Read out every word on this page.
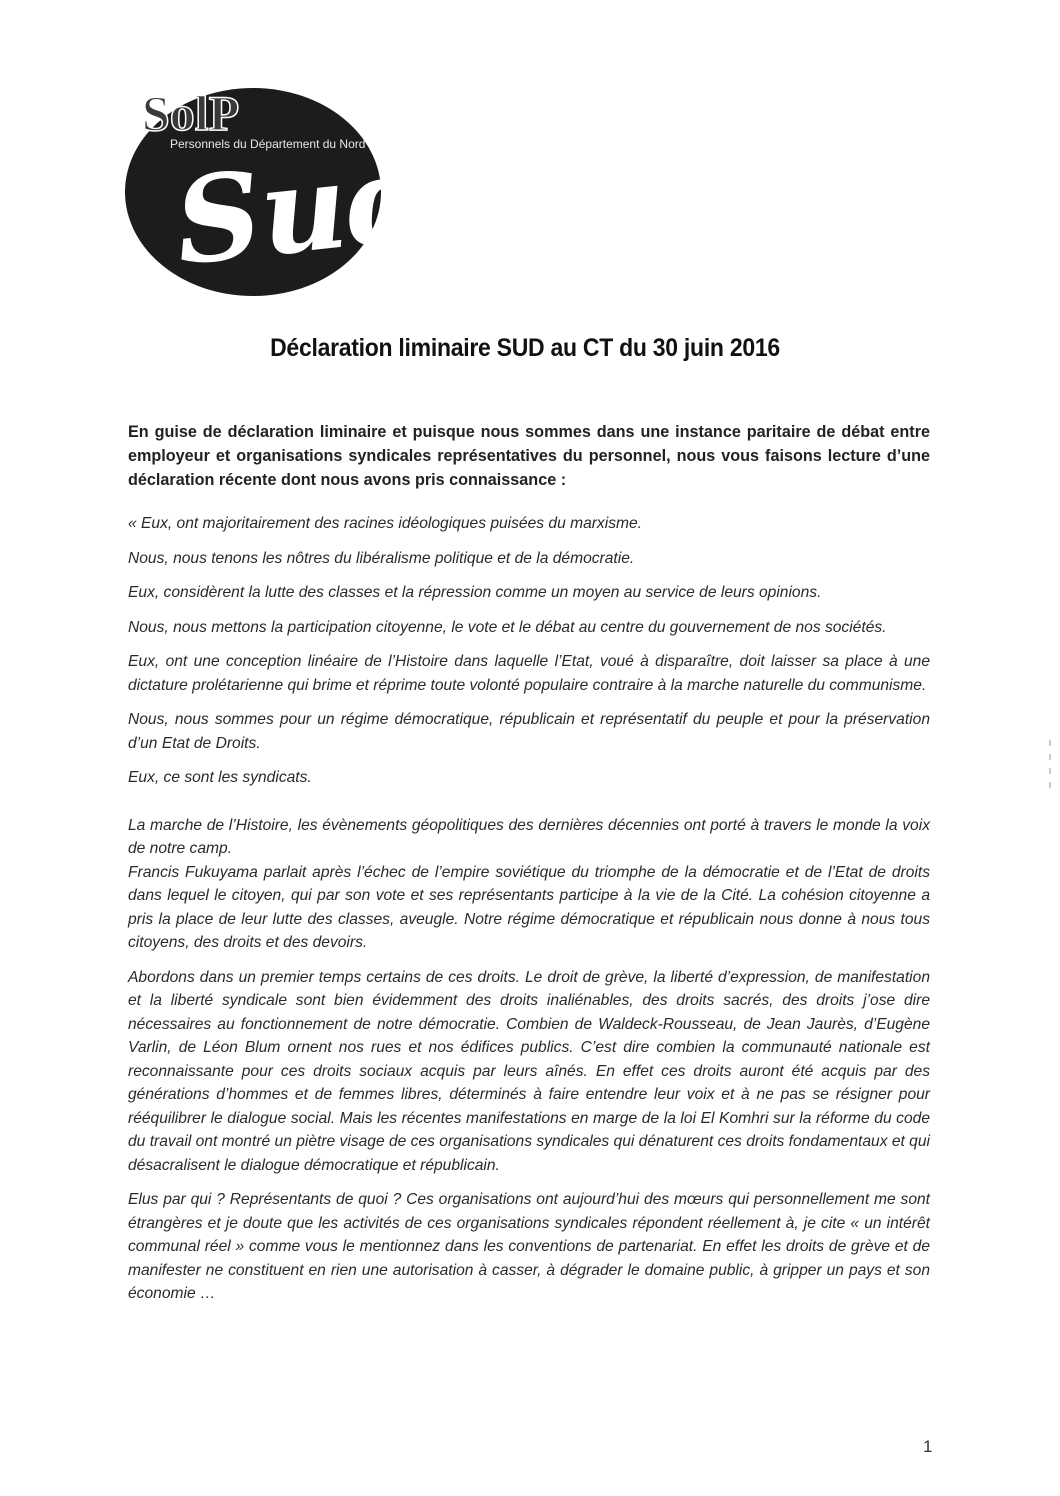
SolP
Personnels du Département du Nord
Sud
Déclaration liminaire SUD au CT du 30 juin 2016
En guise de déclaration liminaire et puisque nous sommes dans une instance paritaire de débat entre employeur et organisations syndicales représentatives du personnel, nous vous faisons lecture d’une déclaration récente dont nous avons pris connaissance :

« Eux, ont majoritairement des racines idéologiques puisées du marxisme.

Nous, nous tenons les nôtres du libéralisme politique et de la démocratie.

Eux, considèrent la lutte des classes et la répression comme un moyen au service de leurs opinions.

Nous, nous mettons la participation citoyenne, le vote et le débat au centre du gouvernement de nos sociétés.

Eux, ont une conception linéaire de l’Histoire dans laquelle l’Etat, voué à disparaître, doit laisser sa place à une dictature prolétarienne qui brime et réprime toute volonté populaire contraire à la marche naturelle du communisme.

Nous, nous sommes pour un régime démocratique, républicain et représentatif du peuple et pour la préservation d’un Etat de Droits.

Eux, ce sont les syndicats.

La marche de l’Histoire, les évènements géopolitiques des dernières décennies ont porté à travers le monde la voix de notre camp.

Francis Fukuyama parlait après l’échec de l’empire soviétique du triomphe de la démocratie et de l’Etat de droits dans lequel le citoyen, qui par son vote et ses représentants participe à la vie de la Cité. La cohésion citoyenne a pris la place de leur lutte des classes, aveugle. Notre régime démocratique et républicain nous donne à nous tous citoyens, des droits et des devoirs.

Abordons dans un premier temps certains de ces droits. Le droit de grève, la liberté d’expression, de manifestation et la liberté syndicale sont bien évidemment des droits inaliénables, des droits sacrés, des droits j’ose dire nécessaires au fonctionnement de notre démocratie. Combien de Waldeck-Rousseau, de Jean Jaurès, d’Eugène Varlin, de Léon Blum ornent nos rues et nos édifices publics. C’est dire combien la communauté nationale est reconnaissante pour ces droits sociaux acquis par leurs aînés. En effet ces droits auront été acquis par des générations d’hommes et de femmes libres, déterminés à faire entendre leur voix et à ne pas se résigner pour rééquilibrer le dialogue social. Mais les récentes manifestations en marge de la loi El Komhri sur la réforme du code du travail ont montré un piètre visage de ces organisations syndicales qui dénaturent ces droits fondamentaux et qui désacralisent le dialogue démocratique et républicain.

Elus par qui ? Représentants de quoi ? Ces organisations ont aujourd’hui des mœurs qui personnellement me sont étrangères et je doute que les activités de ces organisations syndicales répondent réellement à, je cite « un intérêt communal réel » comme vous le mentionnez dans les conventions de partenariat. En effet les droits de grève et de manifester ne constituent en rien une autorisation à casser, à dégrader le domaine public, à gripper un pays et son économie …

1
